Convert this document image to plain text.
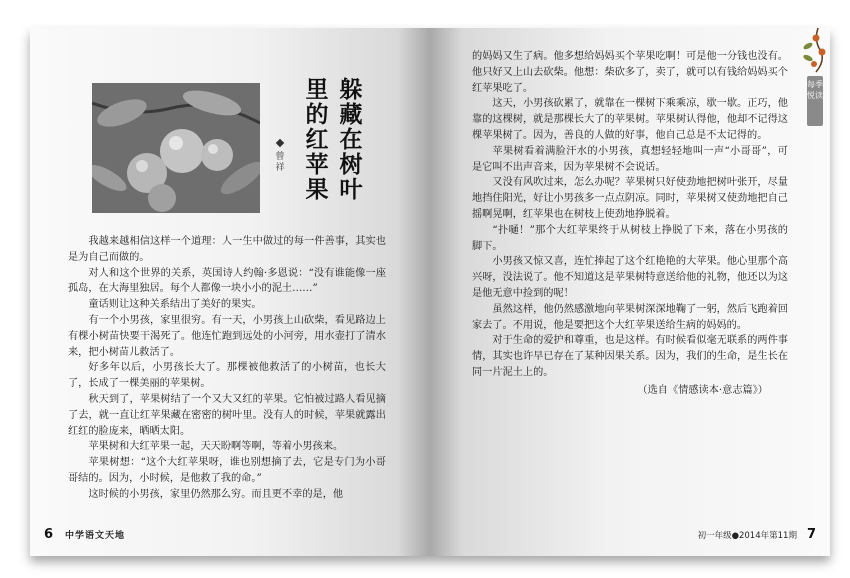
躲
藏
在
树
叶
里
的
红
苹
果
曾
祥

我越来越相信这样一个道理：人一生中做过的每一件善事，其实也是为自己而做的。

对人和这个世界的关系，英国诗人约翰·多恩说：“没有谁能像一座孤岛，在大海里独居。每个人都像一块小小的泥土……”

童话则让这种关系结出了美好的果实。

有一个小男孩，家里很穷。有一天，小男孩上山砍柴，看见路边上有棵小树苗快要干渴死了。他连忙跑到远处的小河旁，用水壶打了清水来，把小树苗儿救活了。

好多年以后，小男孩长大了。那棵被他救活了的小树苗，也长大了，长成了一棵美丽的苹果树。

秋天到了，苹果树结了一个又大又红的苹果。它怕被过路人看见摘了去，就一直让红苹果藏在密密的树叶里。没有人的时候，苹果就露出红红的脸庞来，晒晒太阳。

苹果树和大红苹果一起，天天盼啊等啊，等着小男孩来。

苹果树想：“这个大红苹果呀，谁也别想摘了去，它是专门为小哥哥结的。因为，小时候，是他救了我的命。”

这时候的小男孩，家里仍然那么穷。而且更不幸的是，他

6 中学语文天地
每季悦读

的妈妈又生了病。他多想给妈妈买个苹果吃啊！可是他一分钱也没有。他只好又上山去砍柴。他想：柴砍多了，卖了，就可以有钱给妈妈买个红苹果吃了。

这天，小男孩砍累了，就靠在一棵树下乘乘凉，歇一歇。正巧，他靠的这棵树，就是那棵长大了的苹果树。苹果树认得他，他却不记得这棵苹果树了。因为，善良的人做的好事，他自己总是不太记得的。

苹果树看着满脸汗水的小男孩，真想轻轻地叫一声“小哥哥”，可是它叫不出声音来，因为苹果树不会说话。

又没有风吹过来，怎么办呢？苹果树只好使劲地把树叶张开，尽量地挡住阳光，好让小男孩多一点点阴凉。同时，苹果树又使劲地把自己摇啊晃啊，红苹果也在树枝上使劲地挣脱着。

“扑嗵！”那个大红苹果终于从树枝上挣脱了下来，落在小男孩的脚下。

小男孩又惊又喜，连忙捧起了这个红艳艳的大苹果。他心里那个高兴呀，没法说了。他不知道这是苹果树特意送给他的礼物，他还以为这是他无意中捡到的呢！

虽然这样，他仍然感激地向苹果树深深地鞠了一躬，然后飞跑着回家去了。不用说，他是要把这个大红苹果送给生病的妈妈的。

对于生命的爱护和尊重，也是这样。有时候看似毫无联系的两件事情，其实也许早已存在了某种因果关系。因为，我们的生命，是生长在同一片泥土上的。

（选自《情感读本·意志篇》）

初一年级●2014年第11期 7
